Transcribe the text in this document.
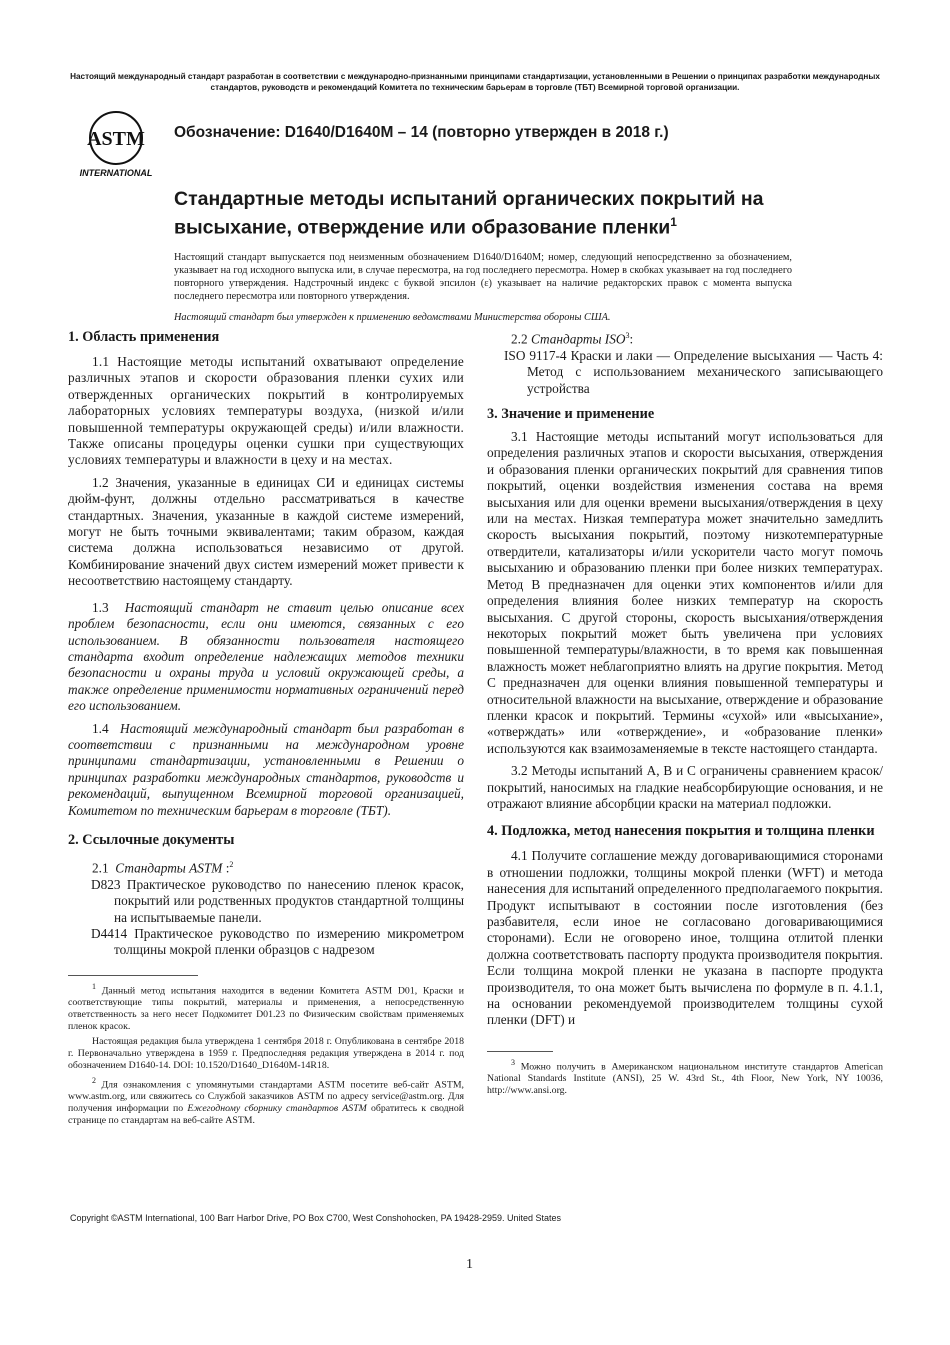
Настоящий международный стандарт разработан в соответствии с международно-признанными принципами стандартизации, установленными в Решении о принципах разработки международных стандартов, руководств и рекомендаций Комитета по техническим барьерам в торговле (ТБТ) Всемирной торговой организации.
ASTM
INTERNATIONAL
Обозначение: D1640/D1640M – 14 (повторно утвержден в 2018 г.)
Стандартные методы испытаний органических покрытий на высыхание, отверждение или образование пленки$^1$
Настоящий стандарт выпускается под неизменным обозначением D1640/D1640M; номер, следующий непосредственно за обозначением, указывает на год исходного выпуска или, в случае пересмотра, на год последнего пересмотра. Номер в скобках указывает на год последнего повторного утверждения. Надстрочный индекс с буквой эпсилон (ε) указывает на наличие редакторских правок с момента выпуска последнего пересмотра или повторного утверждения.
Настоящий стандарт был утвержден к применению ведомствами Министерства обороны США.
1. Область применения

1.1 Настоящие методы испытаний охватывают определение различных этапов и скорости образования пленки сухих или отвержденных органических покрытий в контролируемых лабораторных условиях температуры воздуха, (низкой и/или повышенной температуры окружающей среды) и/или влажности. Также описаны процедуры оценки сушки при существующих условиях температуры и влажности в цеху и на местах.

1.2 Значения, указанные в единицах СИ и единицах системы дюйм-фунт, должны отдельно рассматриваться в качестве стандартных. Значения, указанные в каждой системе измерений, могут не быть точными эквивалентами; таким образом, каждая система должна использоваться независимо от другой. Комбинирование значений двух систем измерений может привести к несоответствию настоящему стандарту.

1.3 Настоящий стандарт не ставит целью описание всех проблем безопасности, если они имеются, связанных с его использованием. В обязанности пользователя настоящего стандарта входит определение надлежащих методов техники безопасности и охраны труда и условий окружающей среды, а также определение применимости нормативных ограничений перед его использованием.

1.4 Настоящий международный стандарт был разработан в соответствии с признанными на международном уровне принципами стандартизации, установленными в Решении о принципах разработки международных стандартов, руководств и рекомендаций, выпущенном Всемирной торговой организацией, Комитетом по техническим барьерам в торговле (ТБТ).

2. Ссылочные документы

2.1 Стандарты ASTM :$^2$

D823 Практическое руководство по нанесению пленок красок, покрытий или родственных продуктов стандартной толщины на испытываемые панели.

D4414 Практическое руководство по измерению микрометром толщины мокрой пленки образцов с надрезом

$^1$ Данный метод испытания находится в ведении Комитета ASTM D01, Краски и соответствующие типы покрытий, материалы и применения, а непосредственную ответственность за него несет Подкомитет D01.23 по Физическим свойствам применяемых пленок красок.

Настоящая редакция была утверждена 1 сентября 2018 г. Опубликована в сентябре 2018 г. Первоначально утверждена в 1959 г. Предпоследняя редакция утверждена в 2014 г. под обозначением D1640-14. DOI: 10.1520/D1640_D1640M-14R18.

$^2$ Для ознакомления с упомянутыми стандартами ASTM посетите веб-сайт ASTM, www.astm.org, или свяжитесь со Службой заказчиков ASTM по адресу service@astm.org. Для получения информации по Ежегодному сборнику стандартов ASTM обратитесь к сводной странице по стандартам на веб-сайте ASTM.

2.2 Стандарты ISO$^3$:

ISO 9117-4 Краски и лаки — Определение высыхания — Часть 4: Метод с использованием механического записывающего устройства

3. Значение и применение

3.1 Настоящие методы испытаний могут использоваться для определения различных этапов и скорости высыхания, отверждения и образования пленки органических покрытий для сравнения типов покрытий, оценки воздействия изменения состава на время высыхания или для оценки времени высыхания/отверждения в цеху или на местах. Низкая температура может значительно замедлить скорость высыхания покрытий, поэтому низкотемпературные отвердители, катализаторы и/или ускорители часто могут помочь высыханию и образованию пленки при более низких температурах. Метод B предназначен для оценки этих компонентов и/или для определения влияния более низких температур на скорость высыхания. С другой стороны, скорость высыхания/отверждения некоторых покрытий может быть увеличена при условиях повышенной температуры/влажности, в то время как повышенная влажность может неблагоприятно влиять на другие покрытия. Метод C предназначен для оценки влияния повышенной температуры и относительной влажности на высыхание, отверждение и образование пленки красок и покрытий. Термины «сухой» или «высыхание», «отверждать» или «отверждение», и «образование пленки» используются как взаимозаменяемые в тексте настоящего стандарта.

3.2 Методы испытаний A, B и C ограничены сравнением красок/покрытий, наносимых на гладкие неабсорбирующие основания, и не отражают влияние абсорбции краски на материал подложки.

4. Подложка, метод нанесения покрытия и толщина пленки

4.1 Получите соглашение между договаривающимися сторонами в отношении подложки, толщины мокрой пленки (WFT) и метода нанесения для испытаний определенного предполагаемого покрытия. Продукт испытывают в состоянии после изготовления (без разбавителя, если иное не согласовано договаривающимися сторонами). Если не оговорено иное, толщина отлитой пленки должна соответствовать паспорту продукта производителя покрытия. Если толщина мокрой пленки не указана в паспорте продукта производителя, то она может быть вычислена по формуле в п. 4.1.1, на основании рекомендуемой производителем толщины сухой пленки (DFT) и

$^3$ Можно получить в Американском национальном институте стандартов American National Standards Institute (ANSI), 25 W. 43rd St., 4th Floor, New York, NY 10036, http://www.ansi.org.

Copyright ©ASTM International, 100 Barr Harbor Drive, PO Box C700, West Conshohocken, PA 19428-2959. United States
1
